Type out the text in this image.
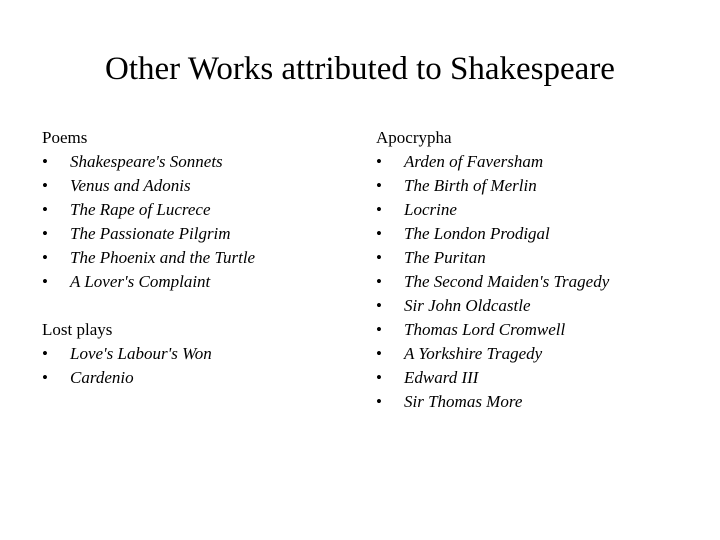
Other Works attributed to Shakespeare
Poems
• Shakespeare's Sonnets
• Venus and Adonis
• The Rape of Lucrece
• The Passionate Pilgrim
• The Phoenix and the Turtle
• A Lover's Complaint
Lost plays
• Love's Labour's Won
• Cardenio
Apocrypha
• Arden of Faversham
• The Birth of Merlin
• Locrine
• The London Prodigal
• The Puritan
• The Second Maiden's Tragedy
• Sir John Oldcastle
• Thomas Lord Cromwell
• A Yorkshire Tragedy
• Edward III
• Sir Thomas More
